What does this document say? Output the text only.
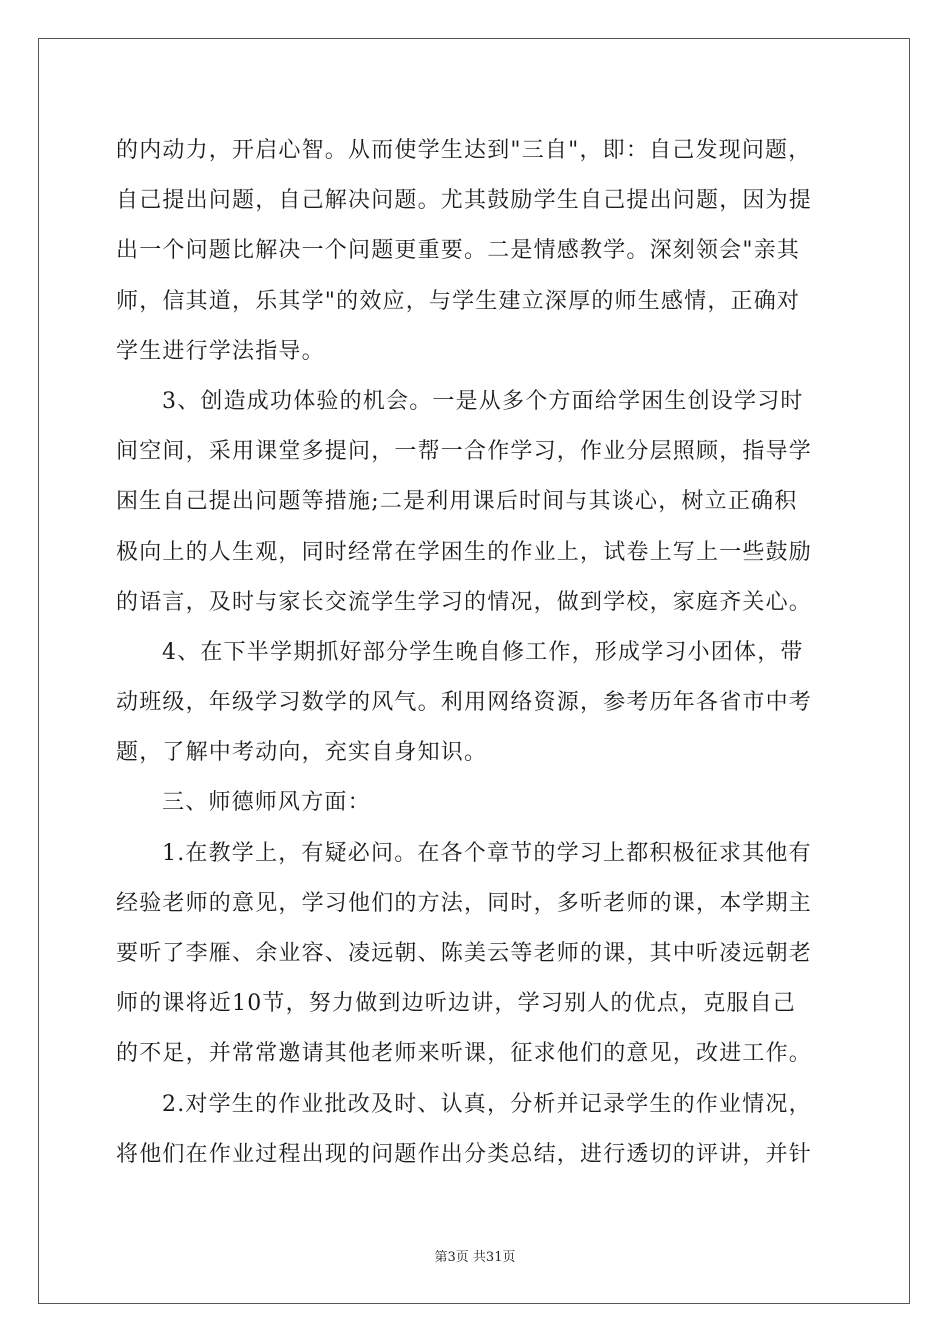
的内动力，开启心智。从而使学生达到"三自"，即：自己发现问题，
自己提出问题，自己解决问题。尤其鼓励学生自己提出问题，因为提
出一个问题比解决一个问题更重要。二是情感教学。深刻领会"亲其
师，信其道，乐其学"的效应，与学生建立深厚的师生感情，正确对
学生进行学法指导。
3、创造成功体验的机会。一是从多个方面给学困生创设学习时
间空间，采用课堂多提问，一帮一合作学习，作业分层照顾，指导学
困生自己提出问题等措施;二是利用课后时间与其谈心，树立正确积
极向上的人生观，同时经常在学困生的作业上，试卷上写上一些鼓励
的语言，及时与家长交流学生学习的情况，做到学校，家庭齐关心。
4、在下半学期抓好部分学生晚自修工作，形成学习小团体，带
动班级，年级学习数学的风气。利用网络资源，参考历年各省市中考
题，了解中考动向，充实自身知识。
三、师德师风方面：
1.在教学上，有疑必问。在各个章节的学习上都积极征求其他有
经验老师的意见，学习他们的方法，同时，多听老师的课，本学期主
要听了李雁、余业容、凌远朝、陈美云等老师的课，其中听凌远朝老
师的课将近10节，努力做到边听边讲，学习别人的优点，克服自己
的不足，并常常邀请其他老师来听课，征求他们的意见，改进工作。
2.对学生的作业批改及时、认真，分析并记录学生的作业情况，
将他们在作业过程出现的问题作出分类总结，进行透切的评讲，并针
第3页 共31页
